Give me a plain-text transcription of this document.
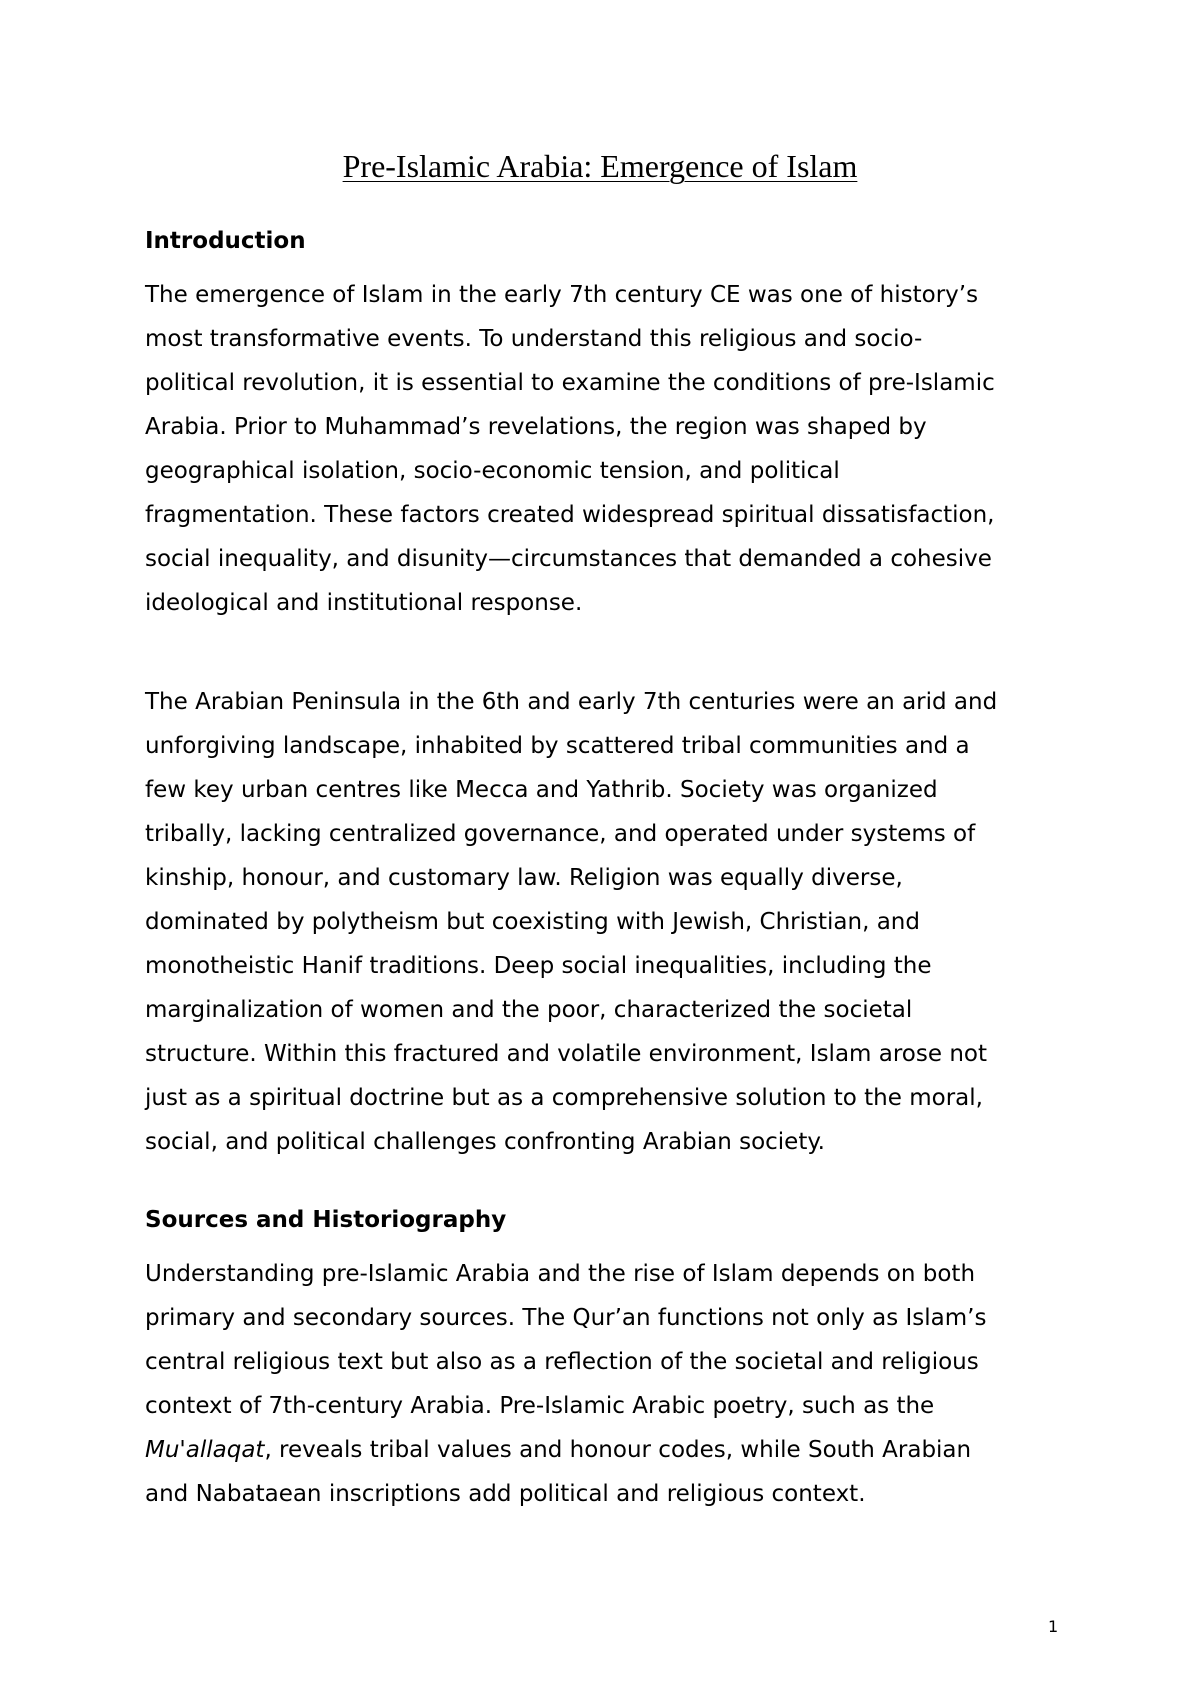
Pre-Islamic Arabia: Emergence of Islam
Introduction

The emergence of Islam in the early 7th century CE was one of history’s
most transformative events. To understand this religious and socio-
political revolution, it is essential to examine the conditions of pre-Islamic
Arabia. Prior to Muhammad’s revelations, the region was shaped by
geographical isolation, socio-economic tension, and political
fragmentation. These factors created widespread spiritual dissatisfaction,
social inequality, and disunity—circumstances that demanded a cohesive
ideological and institutional response.

The Arabian Peninsula in the 6th and early 7th centuries were an arid and
unforgiving landscape, inhabited by scattered tribal communities and a
few key urban centres like Mecca and Yathrib. Society was organized
tribally, lacking centralized governance, and operated under systems of
kinship, honour, and customary law. Religion was equally diverse,
dominated by polytheism but coexisting with Jewish, Christian, and
monotheistic Hanif traditions. Deep social inequalities, including the
marginalization of women and the poor, characterized the societal
structure. Within this fractured and volatile environment, Islam arose not
just as a spiritual doctrine but as a comprehensive solution to the moral,
social, and political challenges confronting Arabian society.

Sources and Historiography

Understanding pre-Islamic Arabia and the rise of Islam depends on both
primary and secondary sources. The Qur’an functions not only as Islam’s
central religious text but also as a reflection of the societal and religious
context of 7th-century Arabia. Pre-Islamic Arabic poetry, such as the
Mu'allaqat, reveals tribal values and honour codes, while South Arabian
and Nabataean inscriptions add political and religious context.

1
